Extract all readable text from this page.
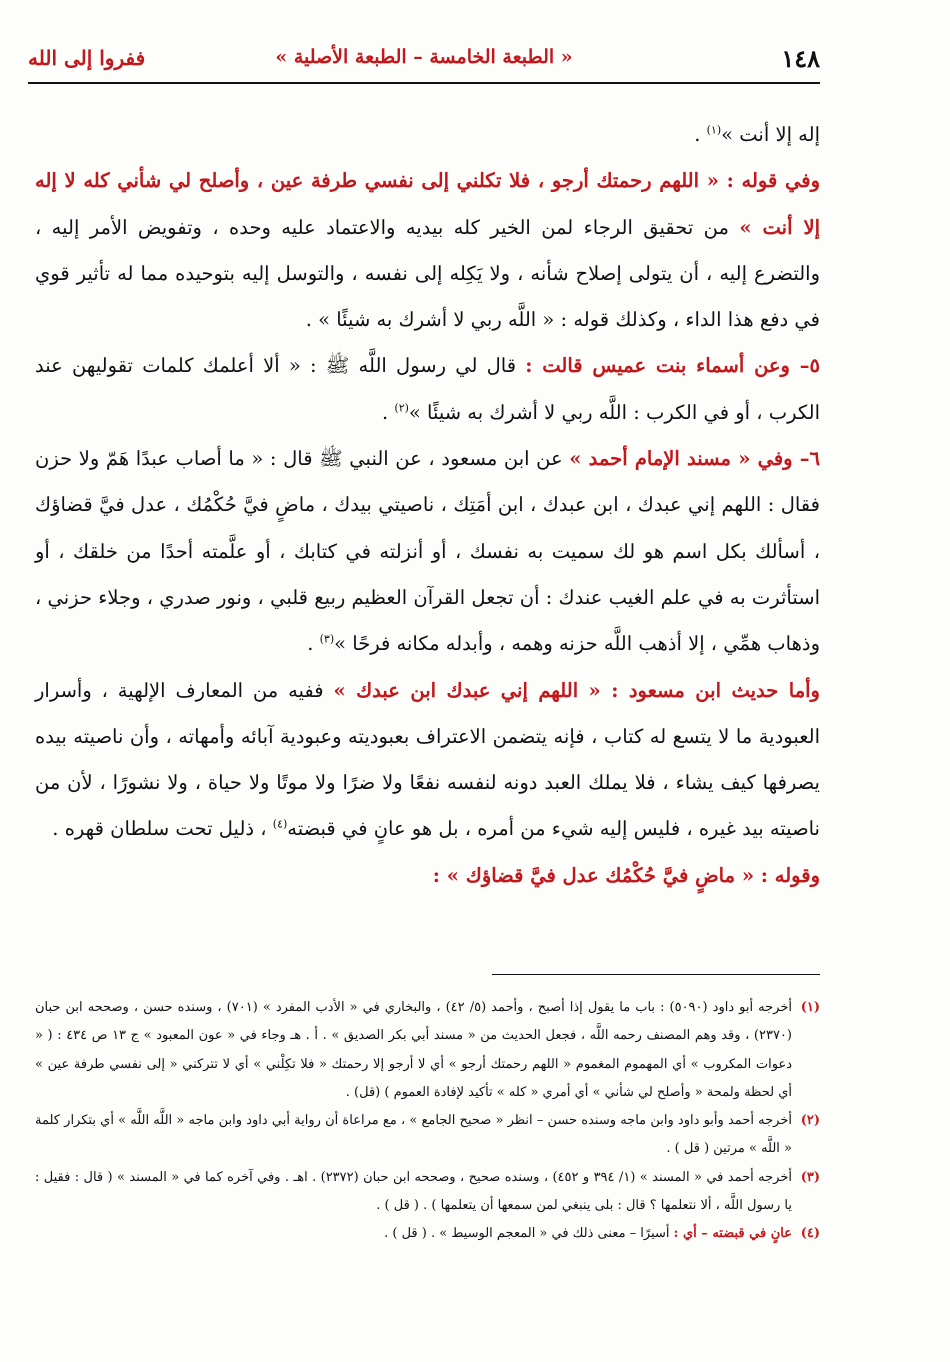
١٤٨
« الطبعة الخامسة – الطبعة الأصلية »
ففروا إلى الله

إله إلا أنت »$^{(١)}$ .

وفي قوله : « اللهم رحمتك أرجو ، فلا تكلني إلى نفسي طرفة عين ، وأصلح لي شأني كله لا إله إلا أنت » من تحقيق الرجاء لمن الخير كله بيديه والاعتماد عليه وحده ، وتفويض الأمر إليه ، والتضرع إليه ، أن يتولى إصلاح شأنه ، ولا يَكِله إلى نفسه ، والتوسل إليه بتوحيده مما له تأثير قوي في دفع هذا الداء ، وكذلك قوله : « اللَّه ربي لا أشرك به شيئًا » .

٥– وعن أسماء بنت عميس قالت : قال لي رسول اللَّه ﷺ : « ألا أعلمك كلمات تقوليهن عند الكرب ، أو في الكرب : اللَّه ربي لا أشرك به شيئًا »$^{(٢)}$ .

٦– وفي « مسند الإمام أحمد » عن ابن مسعود ، عن النبي ﷺ قال : « ما أصاب عبدًا هَمّ ولا حزن فقال : اللهم إني عبدك ، ابن عبدك ، ابن أمَتِك ، ناصيتي بيدك ، ماضٍ فيَّ حُكْمُك ، عدل فيَّ قضاؤك ، أسألك بكل اسم هو لك سميت به نفسك ، أو أنزلته في كتابك ، أو علَّمته أحدًا من خلقك ، أو استأثرت به في علم الغيب عندك : أن تجعل القرآن العظيم ربيع قلبي ، ونور صدري ، وجلاء حزني ، وذهاب همِّي ، إلا أذهب اللَّه حزنه وهمه ، وأبدله مكانه فرحًا »$^{(٣)}$ .

وأما حديث ابن مسعود : « اللهم إني عبدك ابن عبدك » ففيه من المعارف الإلهية ، وأسرار العبودية ما لا يتسع له كتاب ، فإنه يتضمن الاعتراف بعبوديته وعبودية آبائه وأمهاته ، وأن ناصيته بيده يصرفها كيف يشاء ، فلا يملك العبد دونه لنفسه نفعًا ولا ضرًا ولا موتًا ولا حياة ، ولا نشورًا ، لأن من ناصيته بيد غيره ، فليس إليه شيء من أمره ، بل هو عانٍ في قبضته$^{(٤)}$ ، ذليل تحت سلطان قهره .

وقوله : « ماضٍ فيَّ حُكْمُك عدل فيَّ قضاؤك » :

(١)
أخرجه أبو داود (٥٠٩٠) : باب ما يقول إذا أصبح ، وأحمد (٥/ ٤٢) ، والبخاري في « الأدب المفرد » (٧٠١) ، وسنده حسن ، وصححه ابن حبان (٢٣٧٠) ، وقد وهم المصنف رحمه اللَّه ، فجعل الحديث من « مسند أبي بكر الصديق » . أ . هـ وجاء في « عون المعبود » ج ١٣ ص ٤٣٤ : ( « دعوات المكروب » أي المهموم المغموم « اللهم رحمتك أرجو » أي لا أرجو إلا رحمتك « فلا تكِلْني » أي لا تتركني « إلى نفسي طرفة عين » أي لحظة ولمحة « وأصلح لي شأني » أي أمري « كله » تأكيد لإفادة العموم ) (قل) .

(٢)
أخرجه أحمد وأبو داود وابن ماجه وسنده حسن – انظر « صحيح الجامع » ، مع مراعاة أن رواية أبي داود وابن ماجه « اللَّه اللَّه » أي بتكرار كلمة « اللَّه » مرتين ( قل ) .

(٣)
أخرجه أحمد في « المسند » (١/ ٣٩٤ و ٤٥٢) ، وسنده صحيح ، وصححه ابن حبان (٢٣٧٢) . اهـ . وفي آخره كما في « المسند » ( قال : فقيل : يا رسول اللَّه ، ألا نتعلمها ؟ قال : بلى ينبغي لمن سمعها أن يتعلمها ) . ( قل ) .

(٤)
عانٍ في قبضته – أي : أسيرًا – معنى ذلك في « المعجم الوسيط » . ( قل ) .
